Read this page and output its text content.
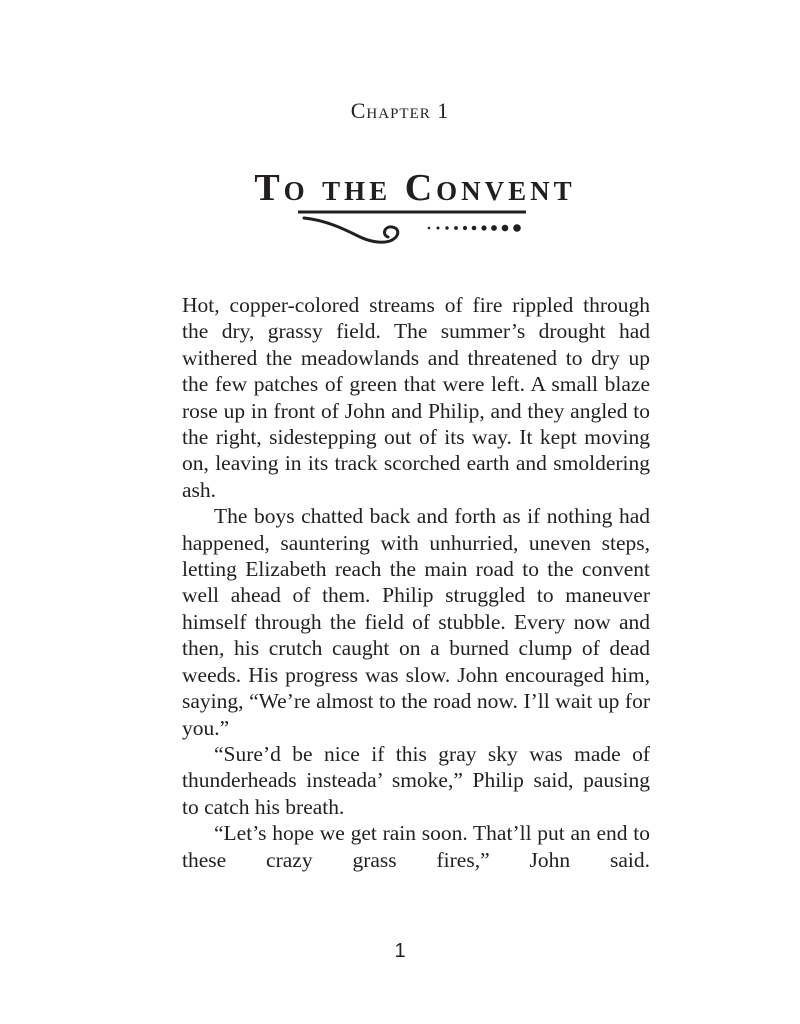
Chapter 1
To the Convent

Hot, copper-colored streams of fire rippled through the dry, grassy field. The summer’s drought had withered the meadowlands and threatened to dry up the few patches of green that were left. A small blaze rose up in front of John and Philip, and they angled to the right, sidestepping out of its way. It kept moving on, leaving in its track scorched earth and smoldering ash.

The boys chatted back and forth as if nothing had happened, sauntering with unhurried, uneven steps, letting Elizabeth reach the main road to the convent well ahead of them. Philip struggled to maneuver himself through the field of stubble. Every now and then, his crutch caught on a burned clump of dead weeds. His progress was slow. John encouraged him, saying, “We’re almost to the road now. I’ll wait up for you.”

“Sure’d be nice if this gray sky was made of thunderheads insteada’ smoke,” Philip said, pausing to catch his breath.

“Let’s hope we get rain soon. That’ll put an end to these crazy grass fires,” John said.

1
